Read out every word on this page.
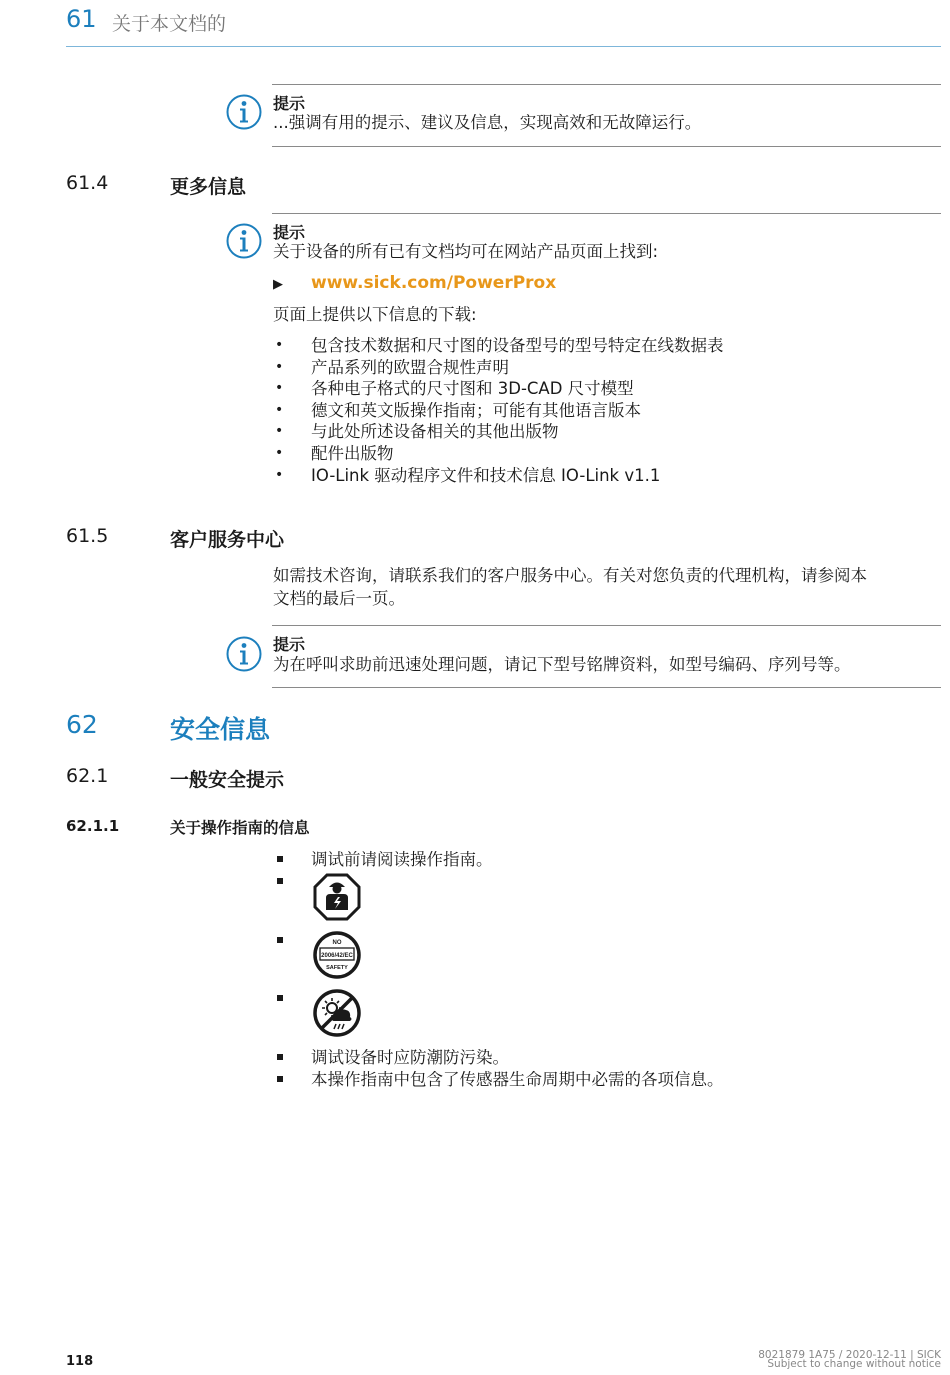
61 关于本文档的
提示
...强调有用的提示、建议及信息，实现高效和无故障运行。
61.4	更多信息
提示
关于设备的所有已有文档均可在网站产品页面上找到:
▶ www.sick.com/PowerProx
页面上提供以下信息的下载:
• 包含技术数据和尺寸图的设备型号的型号特定在线数据表
• 产品系列的欧盟合规性声明
• 各种电子格式的尺寸图和 3D-CAD 尺寸模型
• 德文和英文版操作指南；可能有其他语言版本
• 与此处所述设备相关的其他出版物
• 配件出版物
• IO-Link 驱动程序文件和技术信息 IO-Link v1.1
61.5	客户服务中心
如需技术咨询，请联系我们的客户服务中心。有关对您负责的代理机构，请参阅本
文档的最后一页。
提示
为在呼叫求助前迅速处理问题，请记下型号铭牌资料，如型号编码、序列号等。
62	安全信息
62.1	一般安全提示
62.1.1	关于操作指南的信息
调试前请阅读操作指南。
NO
2006/42/EC
SAFETY
调试设备时应防潮防污染。
本操作指南中包含了传感器生命周期中必需的各项信息。
118	8021879 1A75 / 2020-12-11 | SICK
Subject to change without notice
